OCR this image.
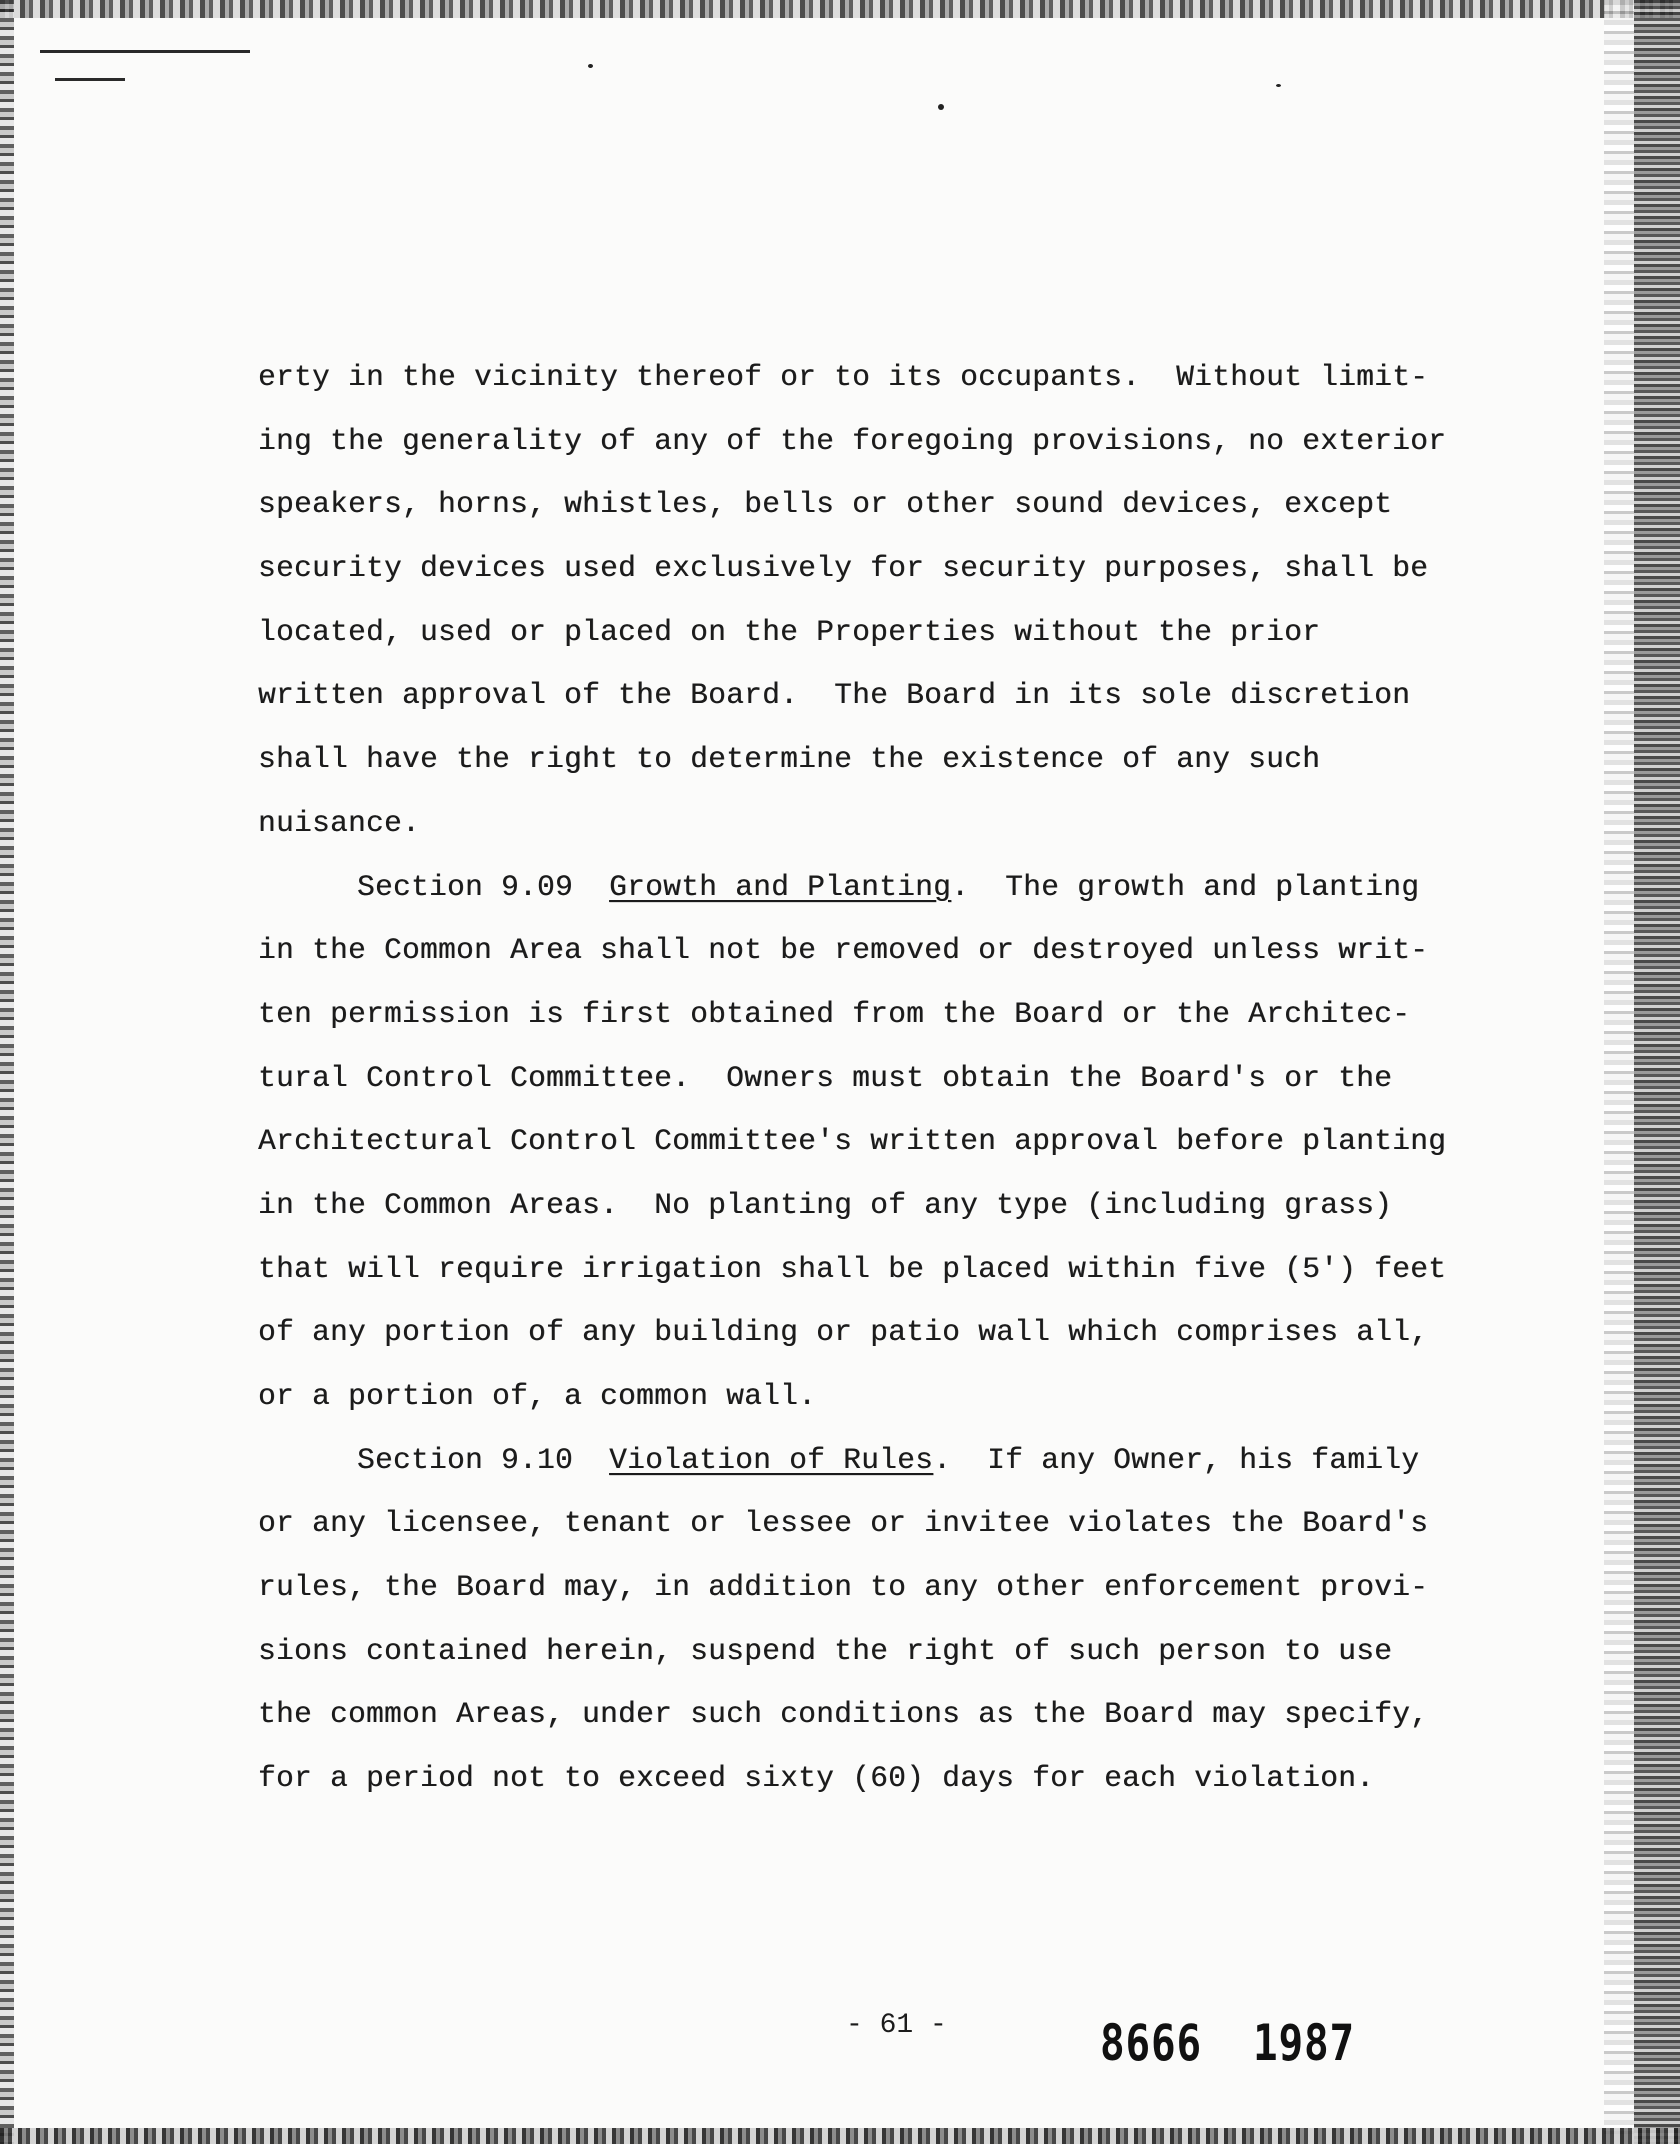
erty in the vicinity thereof or to its occupants.  Without limit-
ing the generality of any of the foregoing provisions, no exterior
speakers, horns, whistles, bells or other sound devices, except
security devices used exclusively for security purposes, shall be
located, used or placed on the Properties without the prior
written approval of the Board.  The Board in its sole discretion
shall have the right to determine the existence of any such
nuisance.
Section 9.09 Growth and Planting.  The growth and planting
in the Common Area shall not be removed or destroyed unless writ-
ten permission is first obtained from the Board or the Architec-
tural Control Committee.  Owners must obtain the Board's or the
Architectural Control Committee's written approval before planting
in the Common Areas.  No planting of any type (including grass)
that will require irrigation shall be placed within five (5') feet
of any portion of any building or patio wall which comprises all,
or a portion of, a common wall.
Section 9.10 Violation of Rules.  If any Owner, his family
or any licensee, tenant or lessee or invitee violates the Board's
rules, the Board may, in addition to any other enforcement provi-
sions contained herein, suspend the right of such person to use
the common Areas, under such conditions as the Board may specify,
for a period not to exceed sixty (60) days for each violation.
- 61 -	8666  1987
